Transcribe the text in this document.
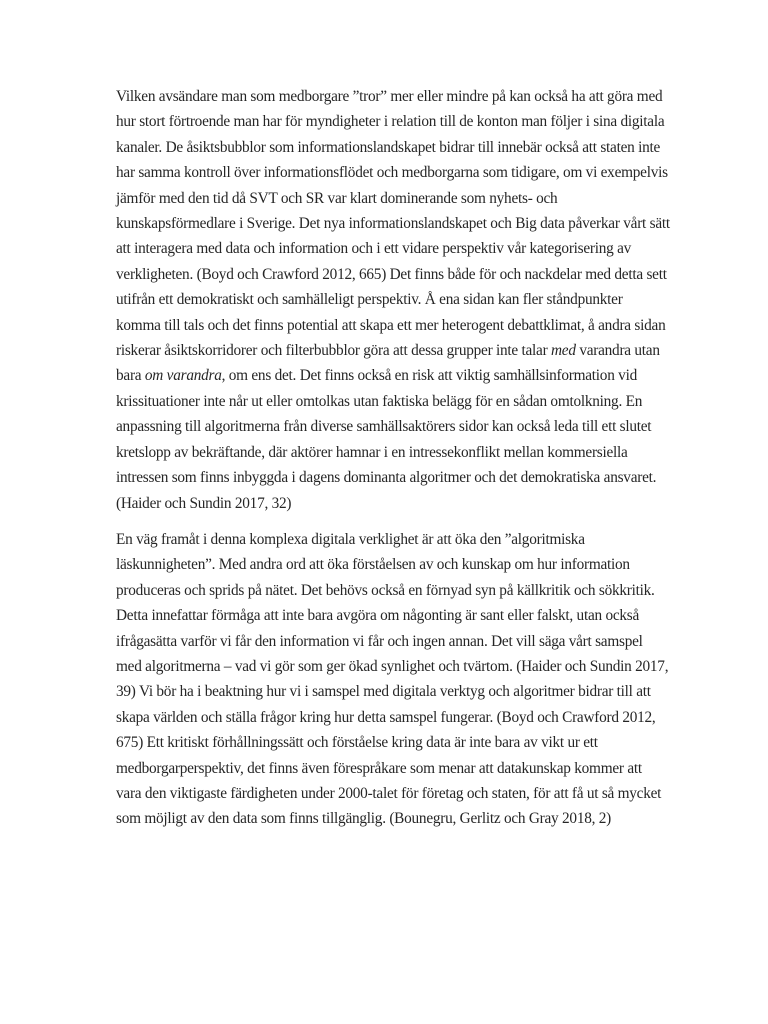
Vilken avsändare man som medborgare ”tror” mer eller mindre på kan också ha att göra med
hur stort förtroende man har för myndigheter i relation till de konton man följer i sina digitala
kanaler. De åsiktsbubblor som informationslandskapet bidrar till innebär också att staten inte
har samma kontroll över informationsflödet och medborgarna som tidigare, om vi exempelvis
jämför med den tid då SVT och SR var klart dominerande som nyhets- och
kunskapsförmedlare i Sverige. Det nya informationslandskapet och Big data påverkar vårt sätt
att interagera med data och information och i ett vidare perspektiv vår kategorisering av
verkligheten. (Boyd och Crawford 2012, 665) Det finns både för och nackdelar med detta sett
utifrån ett demokratiskt och samhälleligt perspektiv. Å ena sidan kan fler ståndpunkter
komma till tals och det finns potential att skapa ett mer heterogent debattklimat, å andra sidan
riskerar åsiktskorridorer och filterbubblor göra att dessa grupper inte talar med varandra utan
bara om varandra, om ens det. Det finns också en risk att viktig samhällsinformation vid
krissituationer inte når ut eller omtolkas utan faktiska belägg för en sådan omtolkning. En
anpassning till algoritmerna från diverse samhällsaktörers sidor kan också leda till ett slutet
kretslopp av bekräftande, där aktörer hamnar i en intressekonflikt mellan kommersiella
intressen som finns inbyggda i dagens dominanta algoritmer och det demokratiska ansvaret.
(Haider och Sundin 2017, 32)
En väg framåt i denna komplexa digitala verklighet är att öka den ”algoritmiska
läskunnigheten”. Med andra ord att öka förståelsen av och kunskap om hur information
produceras och sprids på nätet. Det behövs också en förnyad syn på källkritik och sökkritik.
Detta innefattar förmåga att inte bara avgöra om någonting är sant eller falskt, utan också
ifrågasätta varför vi får den information vi får och ingen annan. Det vill säga vårt samspel
med algoritmerna – vad vi gör som ger ökad synlighet och tvärtom. (Haider och Sundin 2017,
39) Vi bör ha i beaktning hur vi i samspel med digitala verktyg och algoritmer bidrar till att
skapa världen och ställa frågor kring hur detta samspel fungerar. (Boyd och Crawford 2012,
675) Ett kritiskt förhållningssätt och förståelse kring data är inte bara av vikt ur ett
medborgarperspektiv, det finns även förespråkare som menar att datakunskap kommer att
vara den viktigaste färdigheten under 2000-talet för företag och staten, för att få ut så mycket
som möjligt av den data som finns tillgänglig. (Bounegru, Gerlitz och Gray 2018, 2)
